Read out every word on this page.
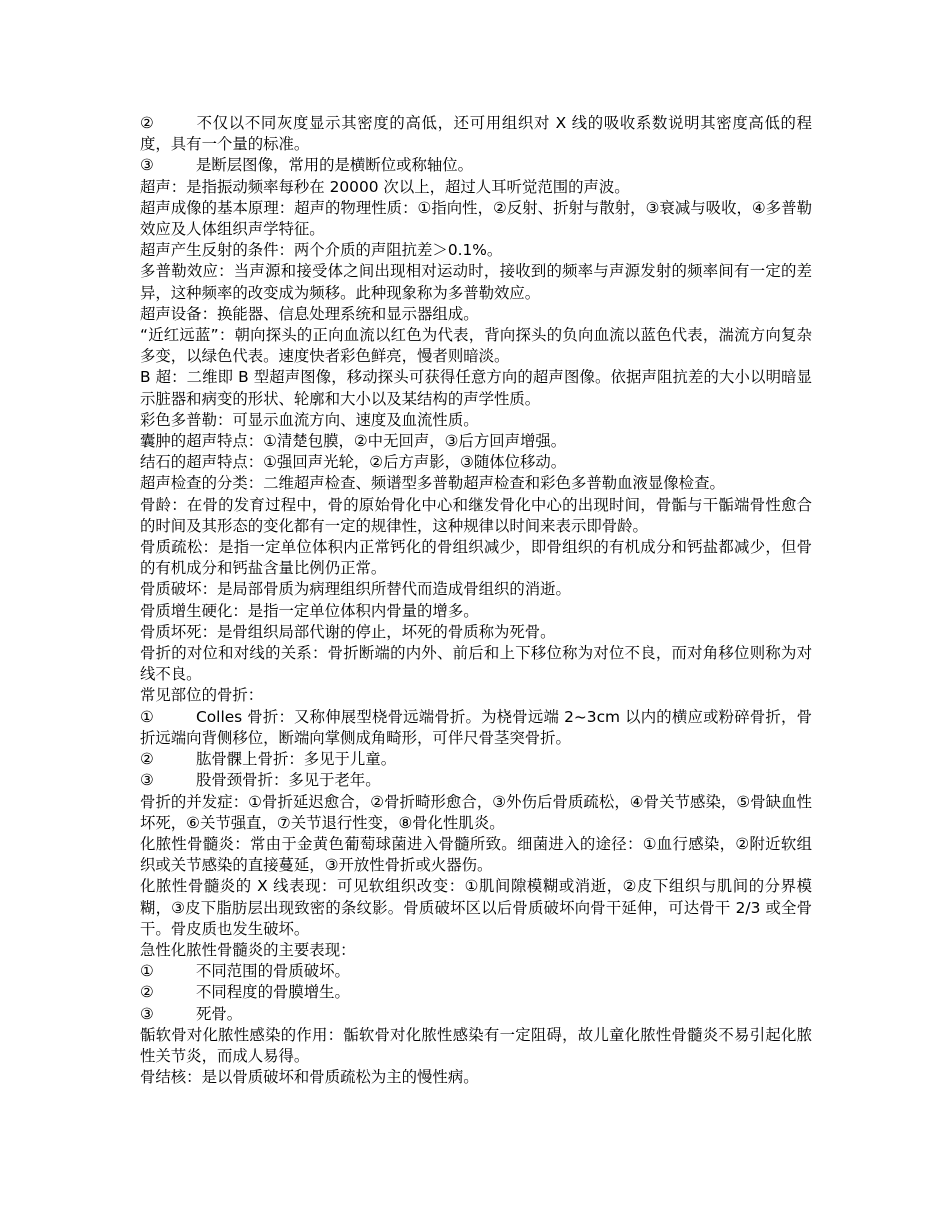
②	不仅以不同灰度显示其密度的高低，还可用组织对 X 线的吸收系数说明其密度高低的程度，具有一个量的标准。
③	是断层图像，常用的是横断位或称轴位。
超声：是指振动频率每秒在 20000 次以上，超过人耳听觉范围的声波。
超声成像的基本原理：超声的物理性质：①指向性，②反射、折射与散射，③衰减与吸收，④多普勒效应及人体组织声学特征。
超声产生反射的条件：两个介质的声阻抗差＞0.1%。
多普勒效应：当声源和接受体之间出现相对运动时，接收到的频率与声源发射的频率间有一定的差异，这种频率的改变成为频移。此种现象称为多普勒效应。
超声设备：换能器、信息处理系统和显示器组成。
“近红远蓝”：朝向探头的正向血流以红色为代表，背向探头的负向血流以蓝色代表，湍流方向复杂多变，以绿色代表。速度快者彩色鲜亮，慢者则暗淡。
B 超：二维即 B 型超声图像，移动探头可获得任意方向的超声图像。依据声阻抗差的大小以明暗显示脏器和病变的形状、轮廓和大小以及某结构的声学性质。
彩色多普勒：可显示血流方向、速度及血流性质。
囊肿的超声特点：①清楚包膜，②中无回声，③后方回声增强。
结石的超声特点：①强回声光轮，②后方声影，③随体位移动。
超声检查的分类：二维超声检查、频谱型多普勒超声检查和彩色多普勒血液显像检查。
骨龄：在骨的发育过程中，骨的原始骨化中心和继发骨化中心的出现时间，骨骺与干骺端骨性愈合的时间及其形态的变化都有一定的规律性，这种规律以时间来表示即骨龄。
骨质疏松：是指一定单位体积内正常钙化的骨组织减少，即骨组织的有机成分和钙盐都减少，但骨的有机成分和钙盐含量比例仍正常。
骨质破坏：是局部骨质为病理组织所替代而造成骨组织的消逝。
骨质增生硬化：是指一定单位体积内骨量的增多。
骨质坏死：是骨组织局部代谢的停止，坏死的骨质称为死骨。
骨折的对位和对线的关系：骨折断端的内外、前后和上下移位称为对位不良，而对角移位则称为对线不良。
常见部位的骨折：
①	Colles 骨折：又称伸展型桡骨远端骨折。为桡骨远端 2~3cm 以内的横应或粉碎骨折，骨折远端向背侧移位，断端向掌侧成角畸形，可伴尺骨茎突骨折。
②	肱骨髁上骨折：多见于儿童。
③	股骨颈骨折：多见于老年。
骨折的并发症：①骨折延迟愈合，②骨折畸形愈合，③外伤后骨质疏松，④骨关节感染，⑤骨缺血性坏死，⑥关节强直，⑦关节退行性变，⑧骨化性肌炎。
化脓性骨髓炎：常由于金黄色葡萄球菌进入骨髓所致。细菌进入的途径：①血行感染，②附近软组织或关节感染的直接蔓延，③开放性骨折或火器伤。
化脓性骨髓炎的 X 线表现：可见软组织改变：①肌间隙模糊或消逝，②皮下组织与肌间的分界模糊，③皮下脂肪层出现致密的条纹影。骨质破坏区以后骨质破坏向骨干延伸，可达骨干 2/3 或全骨干。骨皮质也发生破坏。
急性化脓性骨髓炎的主要表现：
①	不同范围的骨质破坏。
②	不同程度的骨膜增生。
③	死骨。
骺软骨对化脓性感染的作用：骺软骨对化脓性感染有一定阻碍，故儿童化脓性骨髓炎不易引起化脓性关节炎，而成人易得。
骨结核：是以骨质破坏和骨质疏松为主的慢性病。
